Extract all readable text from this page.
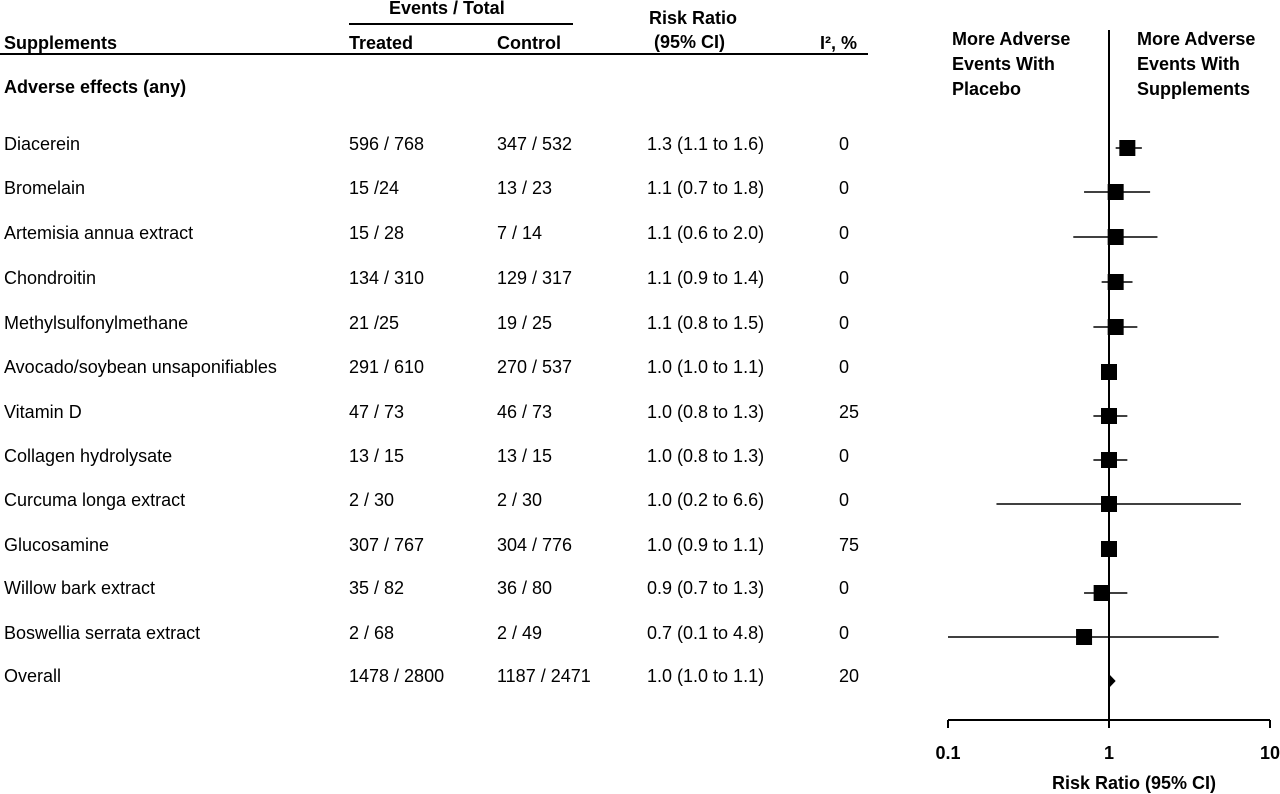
Events / Total
Supplements	Treated	Control
Risk Ratio
(95% CI)	I², %
Adverse effects (any)
Diacerein	596 / 768	347 / 532	1.3 (1.1 to 1.6)	0
Bromelain	15 /24	13 / 23	1.1 (0.7 to 1.8)	0
Artemisia annua extract	15 / 28	7 / 14	1.1 (0.6 to 2.0)	0
Chondroitin	134 / 310	129 / 317	1.1 (0.9 to 1.4)	0
Methylsulfonylmethane	21 /25	19 / 25	1.1 (0.8 to 1.5)	0
Avocado/soybean unsaponifiables	291 / 610	270 / 537	1.0 (1.0 to 1.1)	0
Vitamin D	47 / 73	46 / 73	1.0 (0.8 to 1.3)	25
Collagen hydrolysate	13 / 15	13 / 15	1.0 (0.8 to 1.3)	0
Curcuma longa extract	2 / 30	2 / 30	1.0 (0.2 to 6.6)	0
Glucosamine	307 / 767	304 / 776	1.0 (0.9 to 1.1)	75
Willow bark extract	35 / 82	36 / 80	0.9 (0.7 to 1.3)	0
Boswellia serrata extract	2 / 68	2 / 49	0.7 (0.1 to 4.8)	0
Overall	1478 / 2800	1187 / 2471	1.0 (1.0 to 1.1)	20
More Adverse
Events With
Placebo
More Adverse
Events With
Supplements
0.1	1	10
Risk Ratio (95% CI)
